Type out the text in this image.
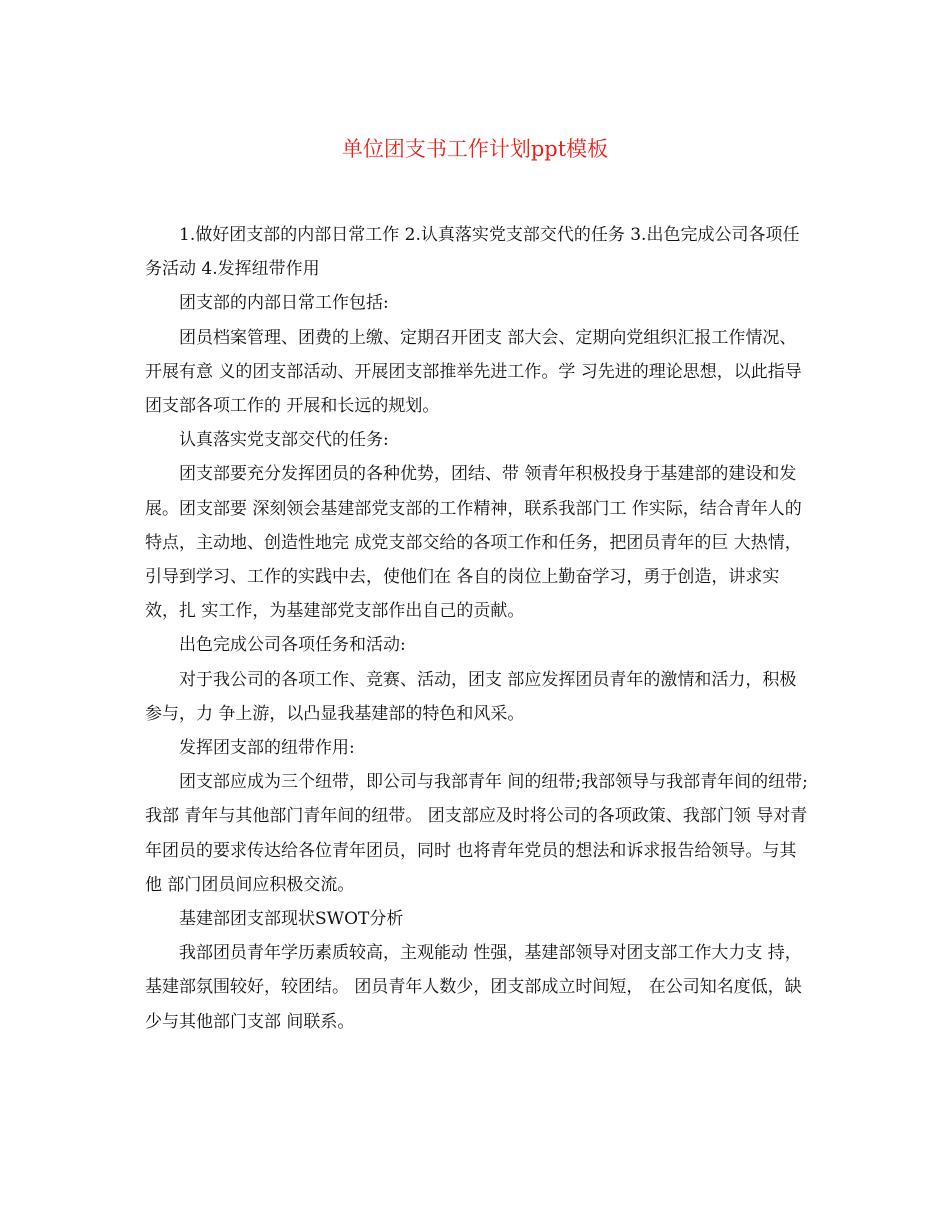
单位团支书工作计划ppt模板

1.做好团支部的内部日常工作 2.认真落实党支部交代的任务 3.出色完成公司各项任务活动 4.发挥纽带作用

团支部的内部日常工作包括:

团员档案管理、团费的上缴、定期召开团支 部大会、定期向党组织汇报工作情况、开展有意 义的团支部活动、开展团支部推举先进工作。学 习先进的理论思想，以此指导团支部各项工作的 开展和长远的规划。

认真落实党支部交代的任务:

团支部要充分发挥团员的各种优势，团结、带 领青年积极投身于基建部的建设和发展。团支部要 深刻领会基建部党支部的工作精神，联系我部门工 作实际，结合青年人的特点，主动地、创造性地完 成党支部交给的各项工作和任务，把团员青年的巨 大热情，引导到学习、工作的实践中去，使他们在 各自的岗位上勤奋学习，勇于创造，讲求实效，扎 实工作，为基建部党支部作出自己的贡献。

出色完成公司各项任务和活动:

对于我公司的各项工作、竞赛、活动，团支 部应发挥团员青年的激情和活力，积极参与，力 争上游，以凸显我基建部的特色和风采。

发挥团支部的纽带作用:

团支部应成为三个纽带，即公司与我部青年 间的纽带;我部领导与我部青年间的纽带;我部 青年与其他部门青年间的纽带。 团支部应及时将公司的各项政策、我部门领 导对青年团员的要求传达给各位青年团员，同时 也将青年党员的想法和诉求报告给领导。与其他 部门团员间应积极交流。

基建部团支部现状SWOT分析

我部团员青年学历素质较高，主观能动 性强，基建部领导对团支部工作大力支 持，基建部氛围较好，较团结。 团员青年人数少，团支部成立时间短， 在公司知名度低，缺少与其他部门支部 间联系。
